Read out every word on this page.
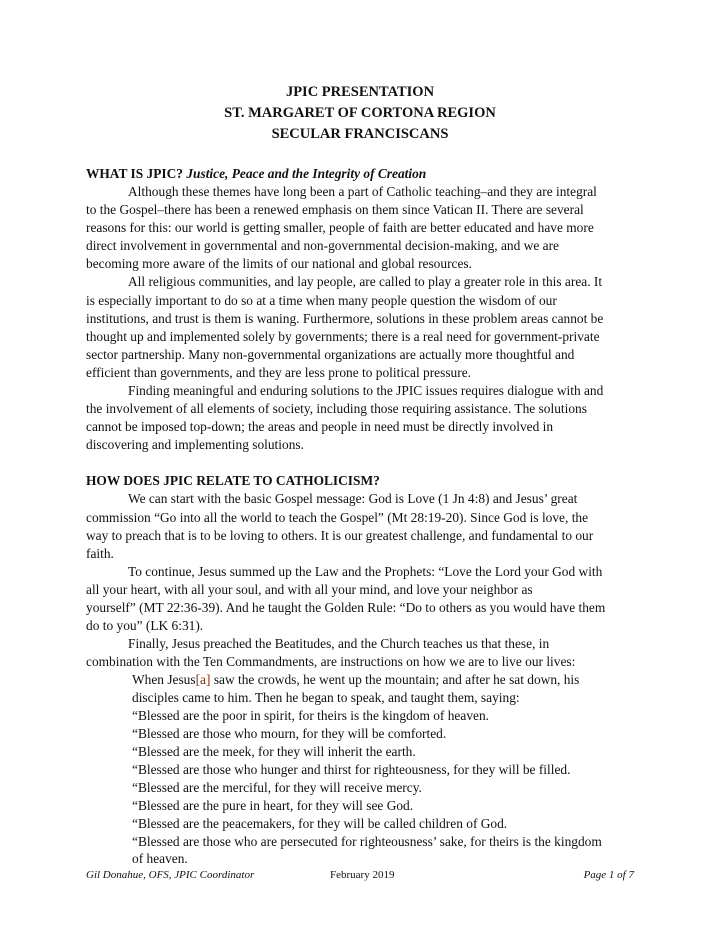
JPIC PRESENTATION
ST. MARGARET OF CORTONA REGION
SECULAR FRANCISCANS
WHAT IS JPIC? Justice, Peace and the Integrity of Creation

Although these themes have long been a part of Catholic teaching–and they are integral
to the Gospel–there has been a renewed emphasis on them since Vatican II. There are several
reasons for this: our world is getting smaller, people of faith are better educated and have more
direct involvement in governmental and non-governmental decision-making, and we are
becoming more aware of the limits of our national and global resources.

All religious communities, and lay people, are called to play a greater role in this area. It
is especially important to do so at a time when many people question the wisdom of our
institutions, and trust is them is waning. Furthermore, solutions in these problem areas cannot be
thought up and implemented solely by governments; there is a real need for government-private
sector partnership. Many non-governmental organizations are actually more thoughtful and
efficient than governments, and they are less prone to political pressure.

Finding meaningful and enduring solutions to the JPIC issues requires dialogue with and
the involvement of all elements of society, including those requiring assistance. The solutions
cannot be imposed top-down; the areas and people in need must be directly involved in
discovering and implementing solutions.

HOW DOES JPIC RELATE TO CATHOLICISM?

We can start with the basic Gospel message: God is Love (1 Jn 4:8) and Jesus’ great
commission “Go into all the world to teach the Gospel” (Mt 28:19-20). Since God is love, the
way to preach that is to be loving to others. It is our greatest challenge, and fundamental to our
faith.

To continue, Jesus summed up the Law and the Prophets: “Love the Lord your God with
all your heart, with all your soul, and with all your mind, and love your neighbor as
yourself” (MT 22:36-39). And he taught the Golden Rule: “Do to others as you would have them
do to you” (LK 6:31).

Finally, Jesus preached the Beatitudes, and the Church teaches us that these, in
combination with the Ten Commandments, are instructions on how we are to live our lives:

When Jesus[a] saw the crowds, he went up the mountain; and after he sat down, his
disciples came to him. Then he began to speak, and taught them, saying:
“Blessed are the poor in spirit, for theirs is the kingdom of heaven.
“Blessed are those who mourn, for they will be comforted.
“Blessed are the meek, for they will inherit the earth.
“Blessed are those who hunger and thirst for righteousness, for they will be filled.
“Blessed are the merciful, for they will receive mercy.
“Blessed are the pure in heart, for they will see God.
“Blessed are the peacemakers, for they will be called children of God.
“Blessed are those who are persecuted for righteousness’ sake, for theirs is the kingdom
of heaven.
Gil Donahue, OFS, JPIC Coordinator	February 2019	Page 1 of 7
